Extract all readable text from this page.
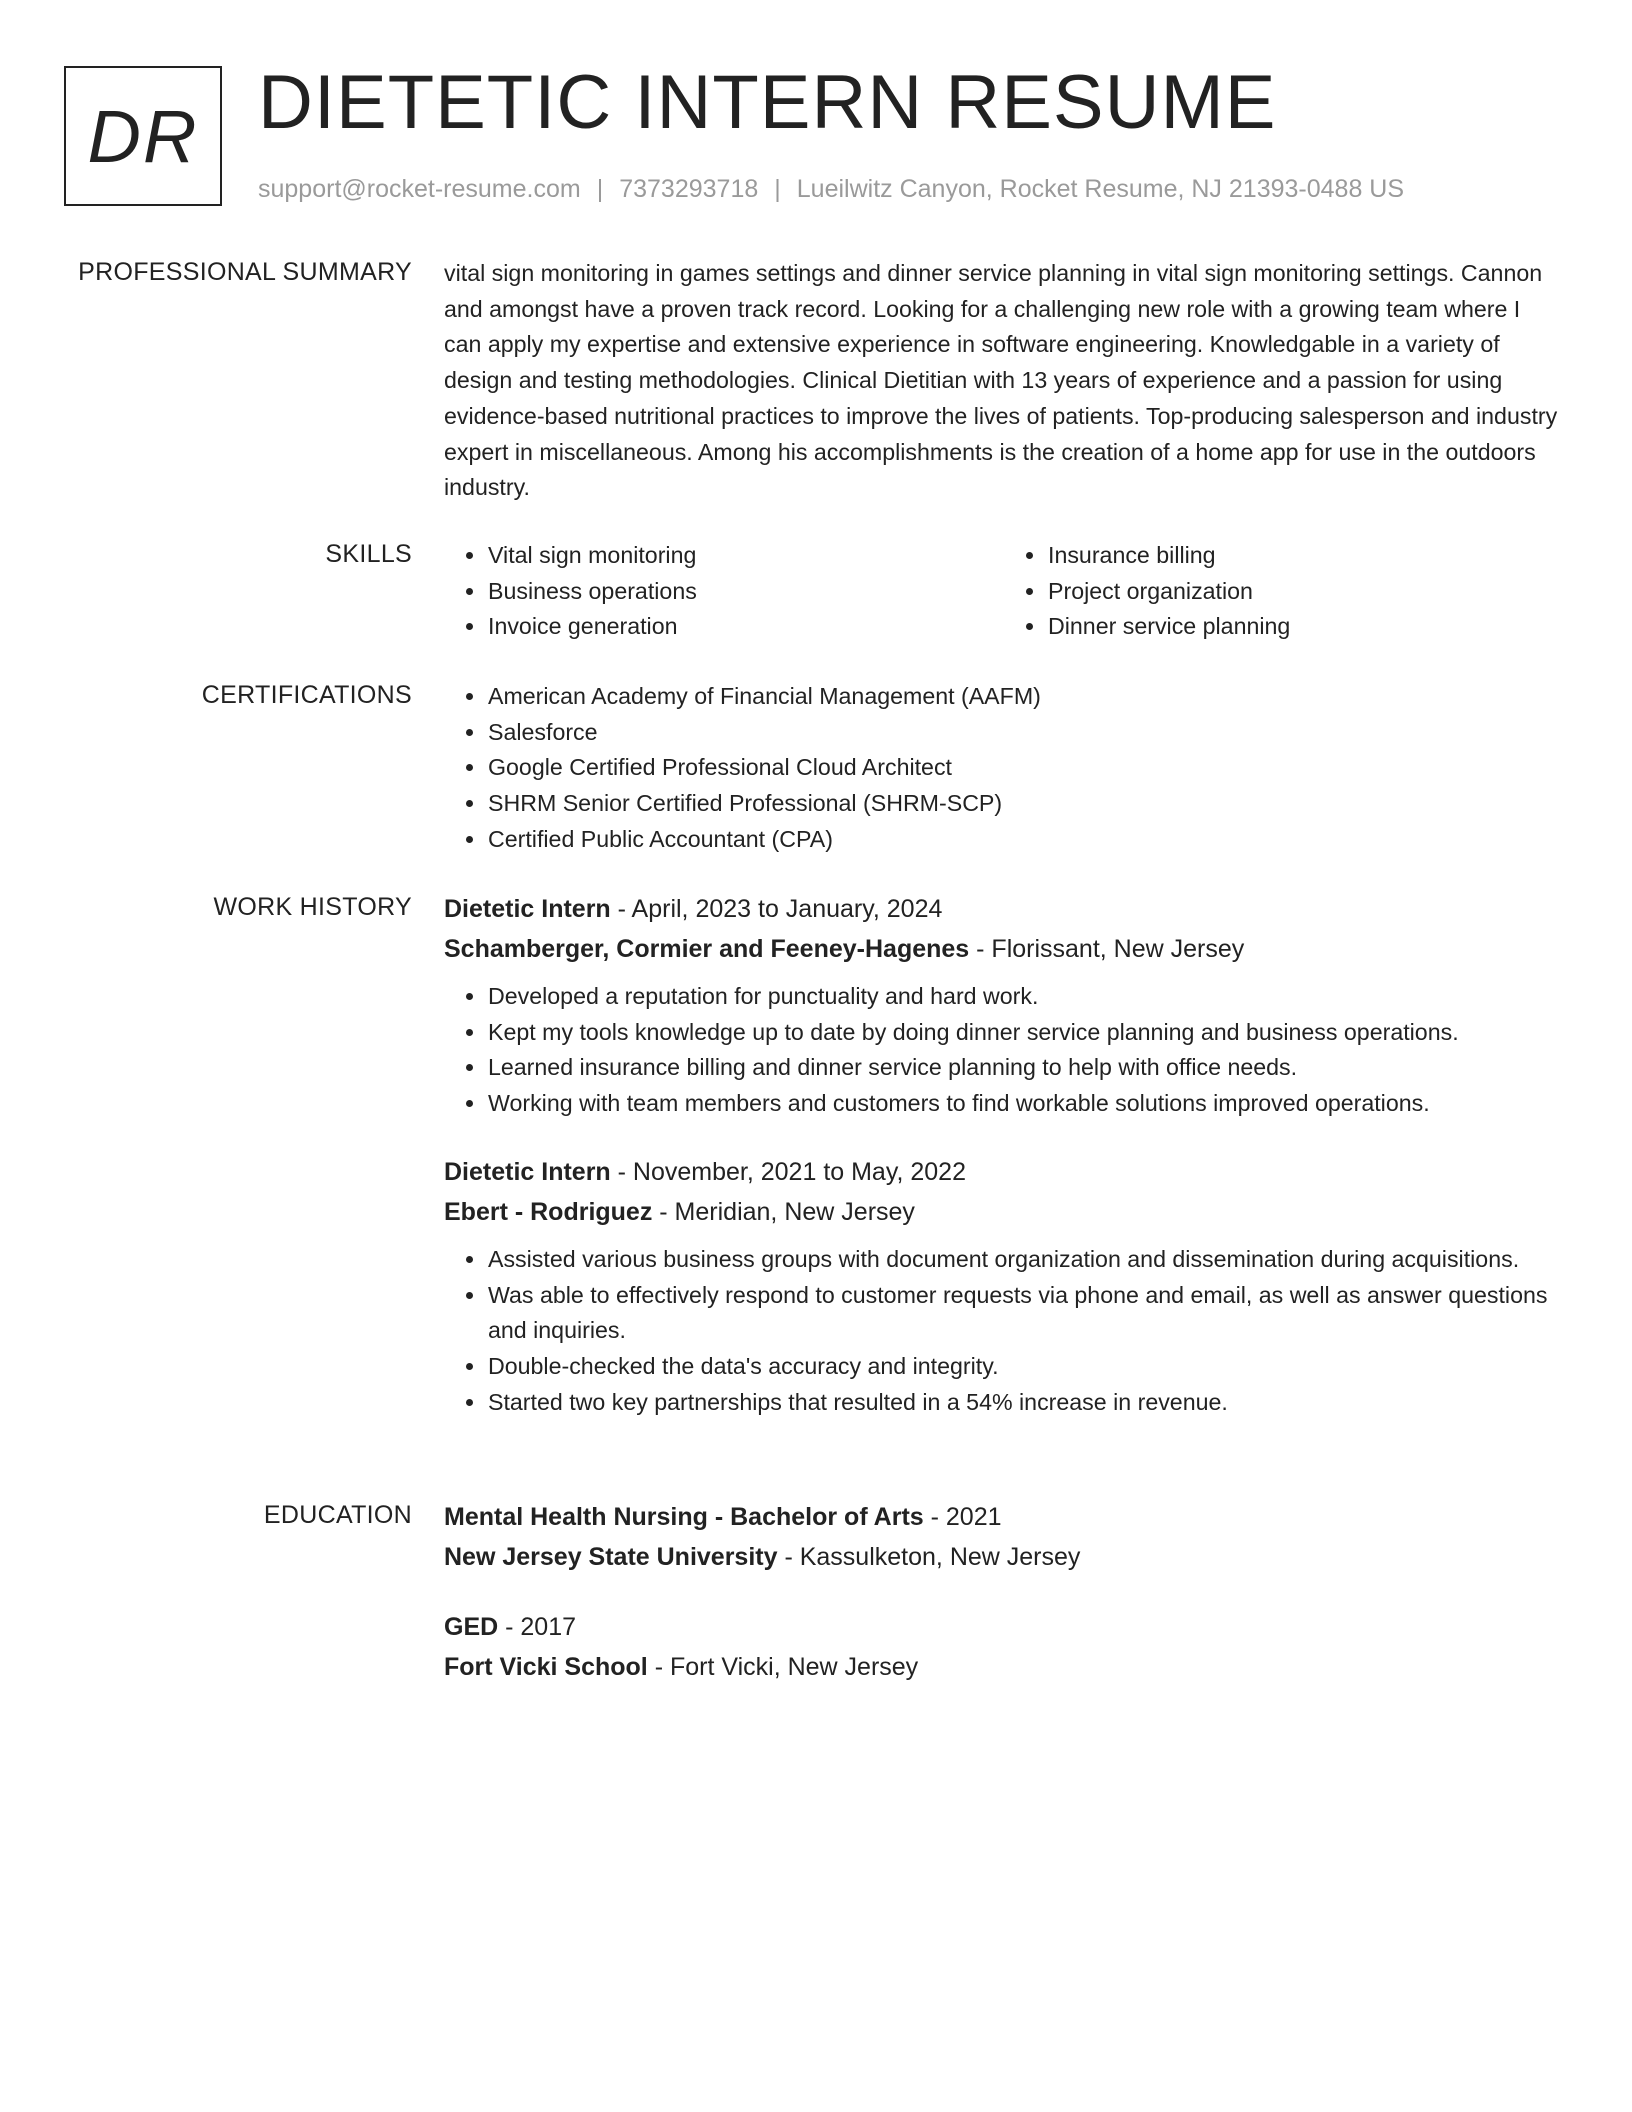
DR DIETETIC INTERN RESUME
support@rocket-resume.com | 7373293718 | Lueilwitz Canyon, Rocket Resume, NJ 21393-0488 US
PROFESSIONAL SUMMARY vital sign monitoring in games settings and dinner service planning in vital sign monitoring settings. Cannon and amongst have a proven track record. Looking for a challenging new role with a growing team where I can apply my expertise and extensive experience in software engineering. Knowledgable in a variety of design and testing methodologies. Clinical Dietitian with 13 years of experience and a passion for using evidence-based nutritional practices to improve the lives of patients. Top-producing salesperson and industry expert in miscellaneous. Among his accomplishments is the creation of a home app for use in the outdoors industry.

SKILLS	• Vital sign monitoring
• Business operations
• Invoice generation
• Insurance billing
• Project organization
• Dinner service planning
CERTIFICATIONS	• American Academy of Financial Management (AAFM)
• Salesforce
• Google Certified Professional Cloud Architect
• SHRM Senior Certified Professional (SHRM-SCP)
• Certified Public Accountant (CPA)
WORK HISTORY Dietetic Intern - April, 2023 to January, 2024
Schamberger, Cormier and Feeney-Hagenes - Florissant, New Jersey
• Developed a reputation for punctuality and hard work.
• Kept my tools knowledge up to date by doing dinner service planning and business operations.
• Learned insurance billing and dinner service planning to help with office needs.
• Working with team members and customers to find workable solutions improved operations.
Dietetic Intern - November, 2021 to May, 2022
Ebert - Rodriguez - Meridian, New Jersey
• Assisted various business groups with document organization and dissemination during acquisitions.
• Was able to effectively respond to customer requests via phone and email, as well as answer questions and inquiries.
• Double-checked the data's accuracy and integrity.
• Started two key partnerships that resulted in a 54% increase in revenue.
EDUCATION Mental Health Nursing - Bachelor of Arts - 2021
New Jersey State University - Kassulketon, New Jersey
GED - 2017
Fort Vicki School - Fort Vicki, New Jersey
